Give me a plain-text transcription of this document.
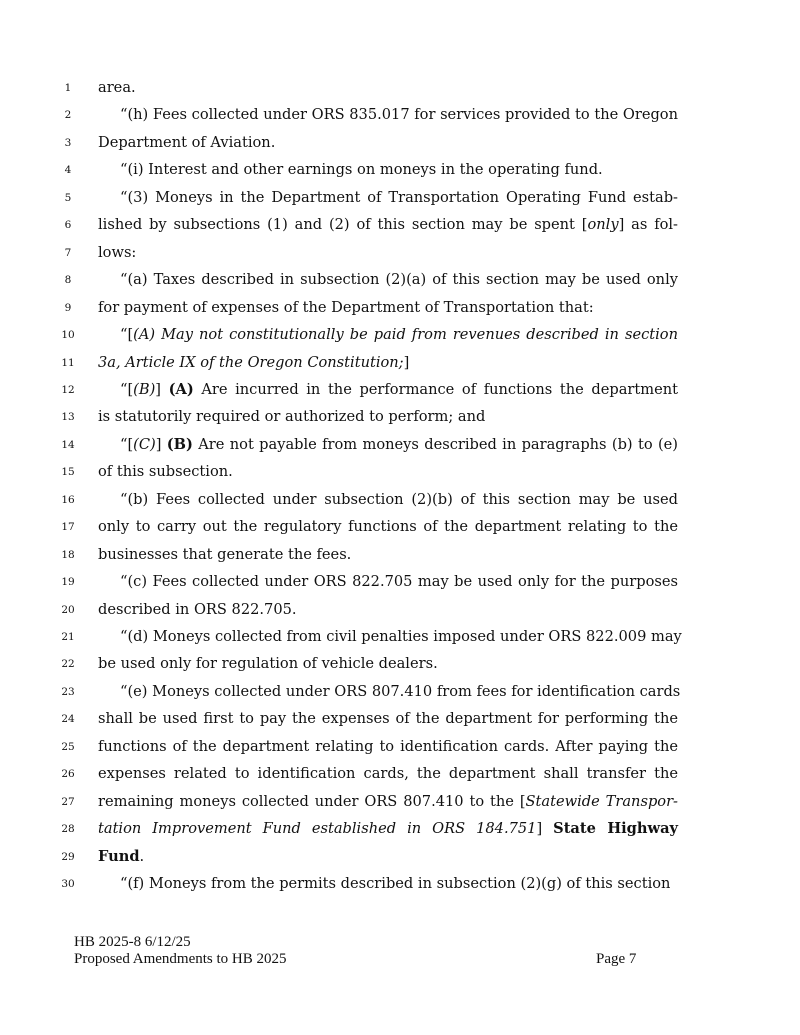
1	area.
2	“(h) Fees collected under ORS 835.017 for services provided to the Oregon
3	Department of Aviation.
4	“(i) Interest and other earnings on moneys in the operating fund.
5	“(3) Moneys in the Department of Transportation Operating Fund estab-
6	lished by subsections (1) and (2) of this section may be spent [only] as fol-
7	lows:
8	“(a) Taxes described in subsection (2)(a) of this section may be used only
9	for payment of expenses of the Department of Transportation that:
10	“[(A) May not constitutionally be paid from revenues described in section
11 3a, Article IX of the Oregon Constitution;]
12	“[(B)] (A) Are incurred in the performance of functions the department
13 is statutorily required or authorized to perform; and
14	“[(C)] (B) Are not payable from moneys described in paragraphs (b) to (e)
15 of this subsection.
16	“(b) Fees collected under subsection (2)(b) of this section may be used
17 only to carry out the regulatory functions of the department relating to the
18 businesses that generate the fees.
19	“(c) Fees collected under ORS 822.705 may be used only for the purposes
20 described in ORS 822.705.
21	“(d) Moneys collected from civil penalties imposed under ORS 822.009 may
22 be used only for regulation of vehicle dealers.
23	“(e) Moneys collected under ORS 807.410 from fees for identification cards
24 shall be used first to pay the expenses of the department for performing the
25 functions of the department relating to identification cards. After paying the
26 expenses related to identification cards, the department shall transfer the
27 remaining moneys collected under ORS 807.410 to the [Statewide Transpor-
28 tation Improvement Fund established in ORS 184.751] State Highway
29 Fund.
30	“(f) Moneys from the permits described in subsection (2)(g) of this section
HB 2025-8 6/12/25
Proposed Amendments to HB 2025	Page 7
